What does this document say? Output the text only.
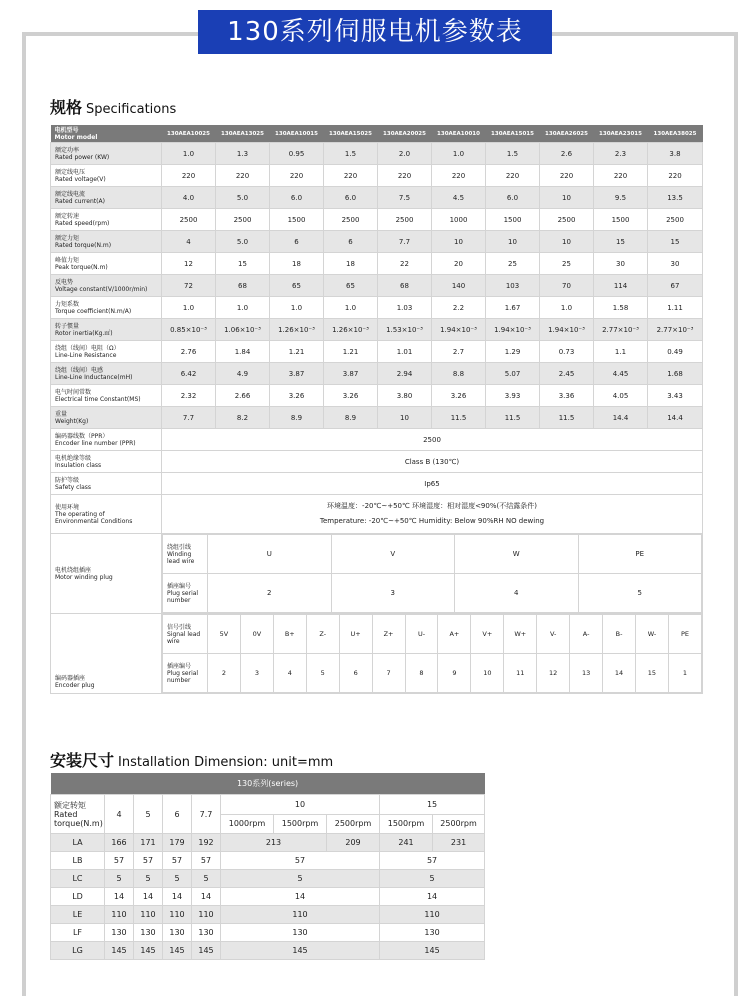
130系列伺服电机参数表
规格 Specifications
电机型号
Motor model	130AEA10025	130AEA13025	130AEA10015	130AEA15025	130AEA20025	130AEA10010	130AEA15015	130AEA26025	130AEA23015	130AEA38025
额定功率
Rated power (KW)	1.0	1.3	0.95	1.5	2.0	1.0	1.5	2.6	2.3	3.8
额定线电压
Rated voltage(V)	220	220	220	220	220	220	220	220	220	220
额定线电流
Rated current(A)	4.0	5.0	6.0	6.0	7.5	4.5	6.0	10	9.5	13.5
额定转速
Rated speed(rpm)	2500	2500	1500	2500	2500	1000	1500	2500	1500	2500
额定力矩
Rated torque(N.m)	4	5.0	6	6	7.7	10	10	10	15	15
峰值力矩
Peak torque(N.m)	12	15	18	18	22	20	25	25	30	30
反电势
Voltage constant(V/1000r/min)	72	68	65	65	68	140	103	70	114	67
力矩系数
Torque coefficient(N.m/A)	1.0	1.0	1.0	1.0	1.03	2.2	1.67	1.0	1.58	1.11
转子惯量
Rotor inertia(Kg.㎡)	0.85×10⁻³	1.06×10⁻³	1.26×10⁻³	1.26×10⁻³	1.53×10⁻³	1.94×10⁻³	1.94×10⁻³	1.94×10⁻³	2.77×10⁻³	2.77×10⁻³
绕组（线间）电阻（Ω）
Line-Line Resistance	2.76	1.84	1.21	1.21	1.01	2.7	1.29	0.73	1.1	0.49
绕组（线间）电感
Line-Line Inductance(mH)	6.42	4.9	3.87	3.87	2.94	8.8	5.07	2.45	4.45	1.68
电气时间常数
Electrical time Constant(MS)	2.32	2.66	3.26	3.26	3.80	3.26	3.93	3.36	4.05	3.43
重量
Weight(Kg)	7.7	8.2	8.9	8.9	10	11.5	11.5	11.5	14.4	14.4
编码器线数（PPR）
Encoder line number (PPR)	2500
电机绝缘等级
Insulation class	Class B (130℃)
防护等级
Safety class	Ip65
使用环境
The operating of
Environmental Conditions	环境温度：-20℃~+50℃ 环境湿度：相对湿度<90%(不结露条件)
Temperature: -20℃~+50℃ Humidity: Below 90%RH NO dewing
电机绕组插座
Motor winding plug	
绕组引线
Winding
lead wire	U	V	W	PE
插座编号
Plug serial
number	2	3	4	5

编码器插座
Encoder plug	
信号引线
Signal lead
wire	5V	0V	B+	Z-	U+	Z+	U-	A+	V+	W+	V-	A-	B-	W-	PE
插座编号
Plug serial
number	2	3	4	5	6	7	8	9	10	11	12	13	14	15	1
安装尺寸 Installation Dimension: unit=mm
130系列(series)									
额定转矩
Rated
torque(N.m)	4	5	6	7.7	10			15	
					1000rpm	1500rpm	2500rpm	1500rpm	2500rpm
LA	166	171	179	192	213		209	241	231
LB	57	57	57	57	57			57	
LC	5	5	5	5	5			5	
LD	14	14	14	14	14			14	
LE	110	110	110	110	110			110	
LF	130	130	130	130	130			130	
LG	145	145	145	145	145			145	
